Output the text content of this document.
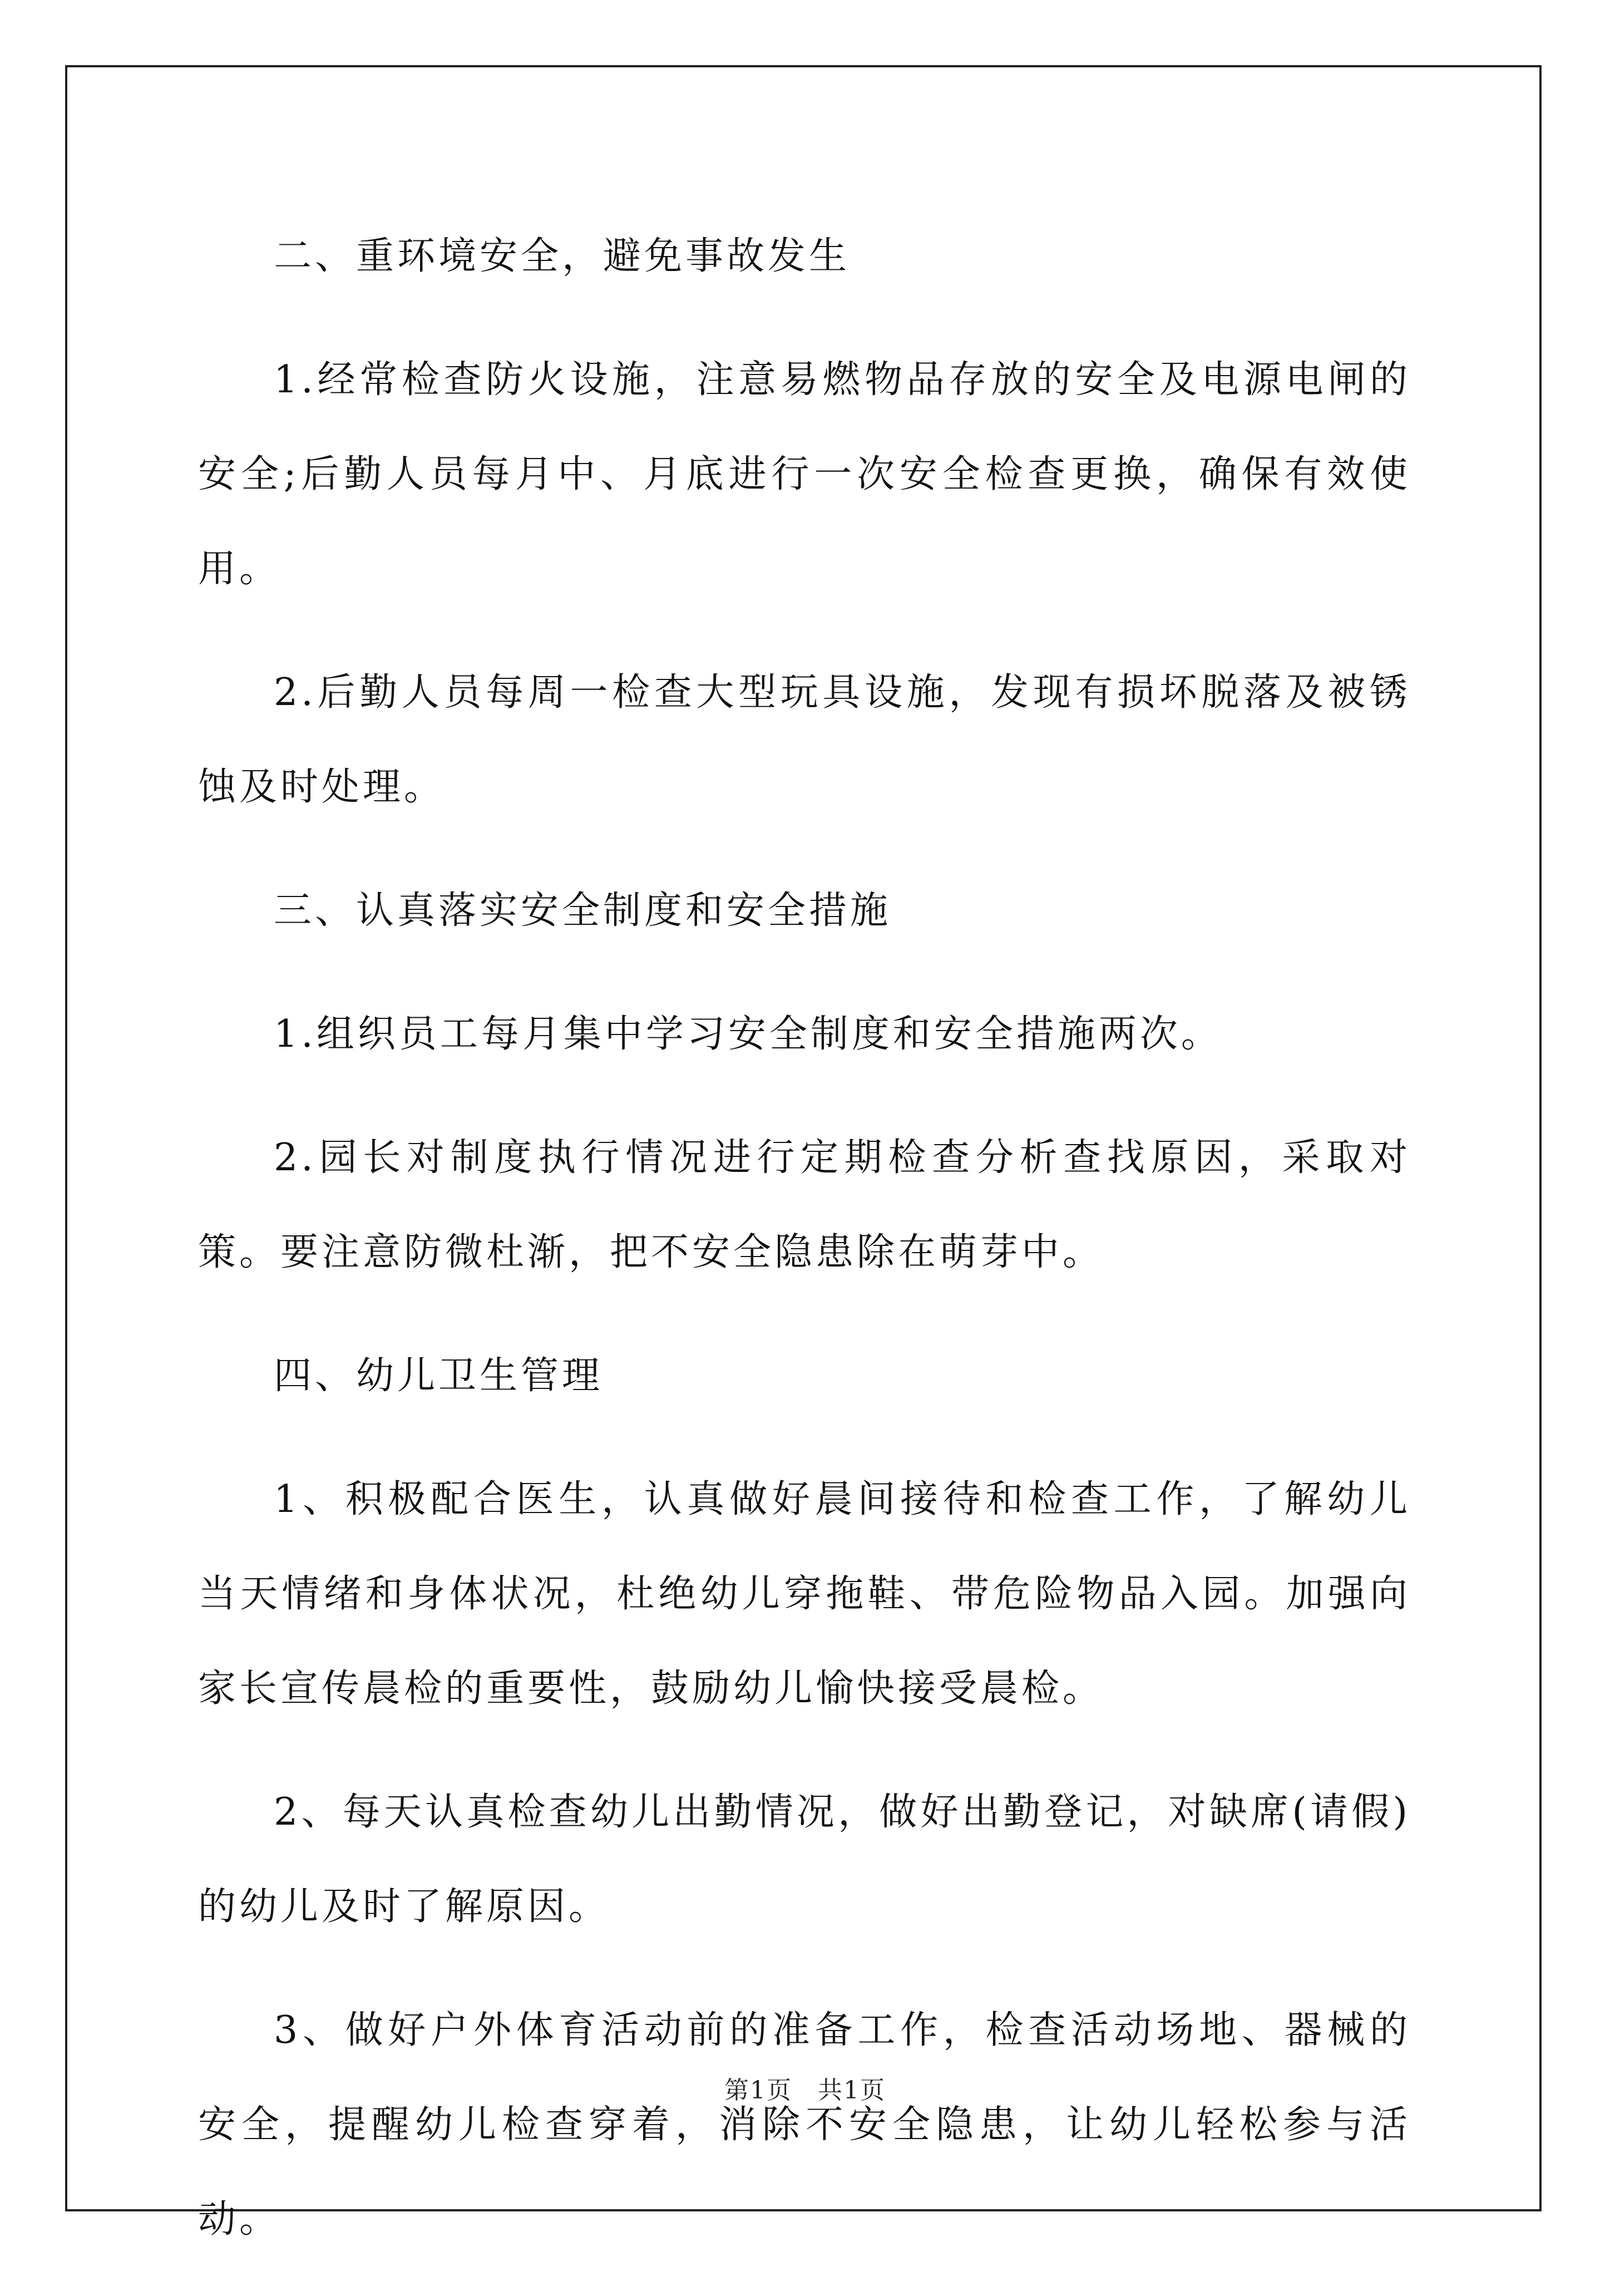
二、重环境安全，避免事故发生

1.经常检查防火设施，注意易燃物品存放的安全及电源电闸的安全;后勤人员每月中、月底进行一次安全检查更换，确保有效使用。

2.后勤人员每周一检查大型玩具设施，发现有损坏脱落及被锈蚀及时处理。

三、认真落实安全制度和安全措施

1.组织员工每月集中学习安全制度和安全措施两次。

2.园长对制度执行情况进行定期检查分析查找原因，采取对策。要注意防微杜渐，把不安全隐患除在萌芽中。

四、幼儿卫生管理

1、积极配合医生，认真做好晨间接待和检查工作，了解幼儿当天情绪和身体状况，杜绝幼儿穿拖鞋、带危险物品入园。加强向家长宣传晨检的重要性，鼓励幼儿愉快接受晨检。

2、每天认真检查幼儿出勤情况，做好出勤登记，对缺席(请假)的幼儿及时了解原因。

3、做好户外体育活动前的准备工作，检查活动场地、器械的安全，提醒幼儿检查穿着，消除不安全隐患，让幼儿轻松参与活动。

第1页　共1页
